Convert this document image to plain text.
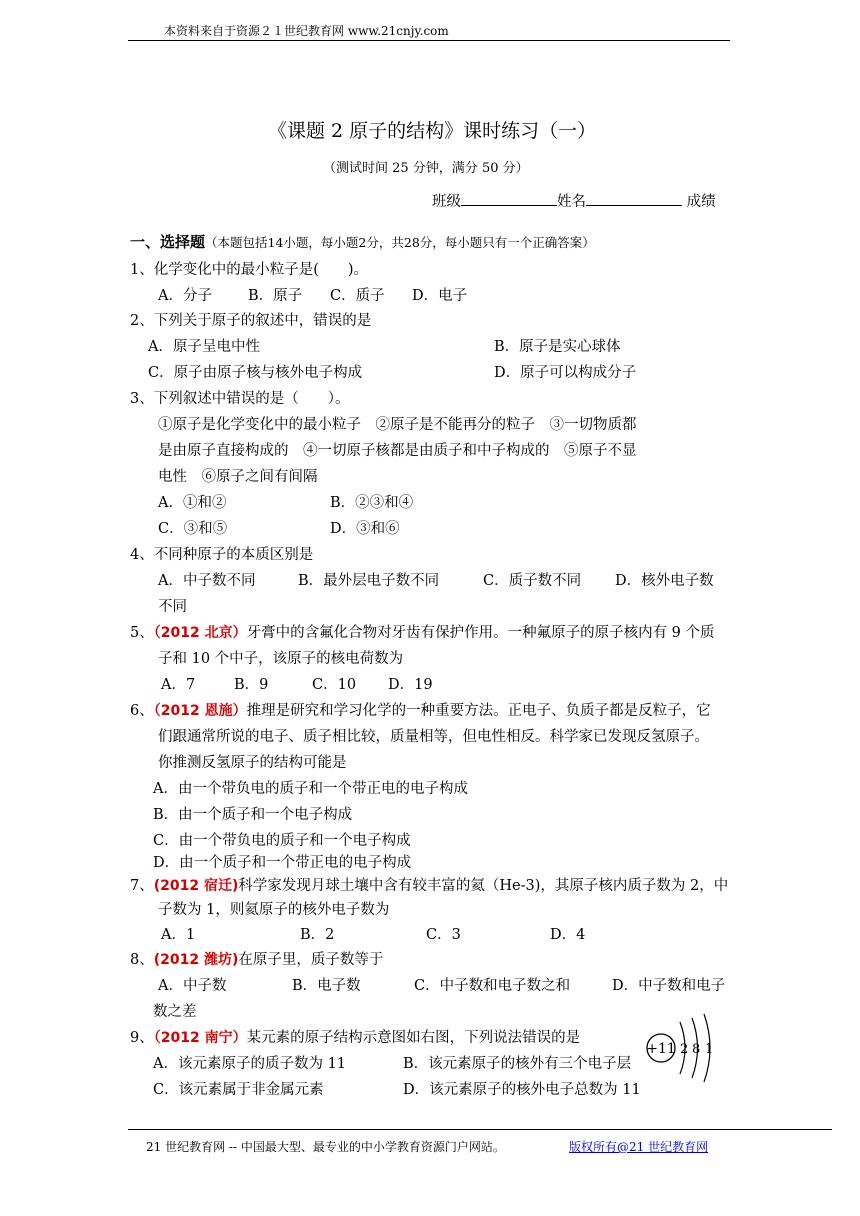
本资料来自于资源２１世纪教育网 www.21cnjy.com
《课题 2 原子的结构》课时练习（一）
（测试时间 25 分钟，满分 50 分）
班级	姓名	成绩
一、选择题（本题包括14小题，每小题2分，共28分，每小题只有一个正确答案）
1、化学变化中的最小粒子是(　　)。
A．分子 B．原子 C．质子 D．电子
2、下列关于原子的叙述中，错误的是
A．原子呈电中性	B．原子是实心球体
C．原子由原子核与核外电子构成	D．原子可以构成分子
3、下列叙述中错误的是（　　）。
①原子是化学变化中的最小粒子　②原子是不能再分的粒子　③一切物质都
是由原子直接构成的　④一切原子核都是由质子和中子构成的　⑤原子不显
电性　⑥原子之间有间隔
A．①和②	B．②③和④
C．③和⑤	D．③和⑥
4、不同种原子的本质区别是
A．中子数不同	B．最外层电子数不同	C．质子数不同 D．核外电子数
不同
5、（2012 北京）牙膏中的含氟化合物对牙齿有保护作用。一种氟原子的原子核内有 9 个质
子和 10 个中子，该原子的核电荷数为
A．7	B．9	C．10 D．19
6、（2012 恩施）推理是研究和学习化学的一种重要方法。正电子、负质子都是反粒子，它
们跟通常所说的电子、质子相比较，质量相等，但电性相反。科学家已发现反氢原子。
你推测反氢原子的结构可能是
A．由一个带负电的质子和一个带正电的电子构成
B．由一个质子和一个电子构成
C．由一个带负电的质子和一个电子构成
D．由一个质子和一个带正电的电子构成
7、(2012 宿迁)科学家发现月球土壤中含有较丰富的氦（He-3)，其原子核内质子数为 2，中
子数为 1，则氦原子的核外电子数为
A．1	B．2	C．3	D．4
8、(2012 潍坊)在原子里，质子数等于
A．中子数	B．电子数	C．中子数和电子数之和	D．中子数和电子
数之差
9、（2012 南宁）某元素的原子结构示意图如右图，下列说法错误的是
A．该元素原子的质子数为 11	B．该元素原子的核外有三个电子层
C．该元素属于非金属元素	D．该元素原子的核外电子总数为 11
+11 2 8 1
21 世纪教育网 -- 中国最大型、最专业的中小学教育资源门户网站。	版权所有@21 世纪教育网
